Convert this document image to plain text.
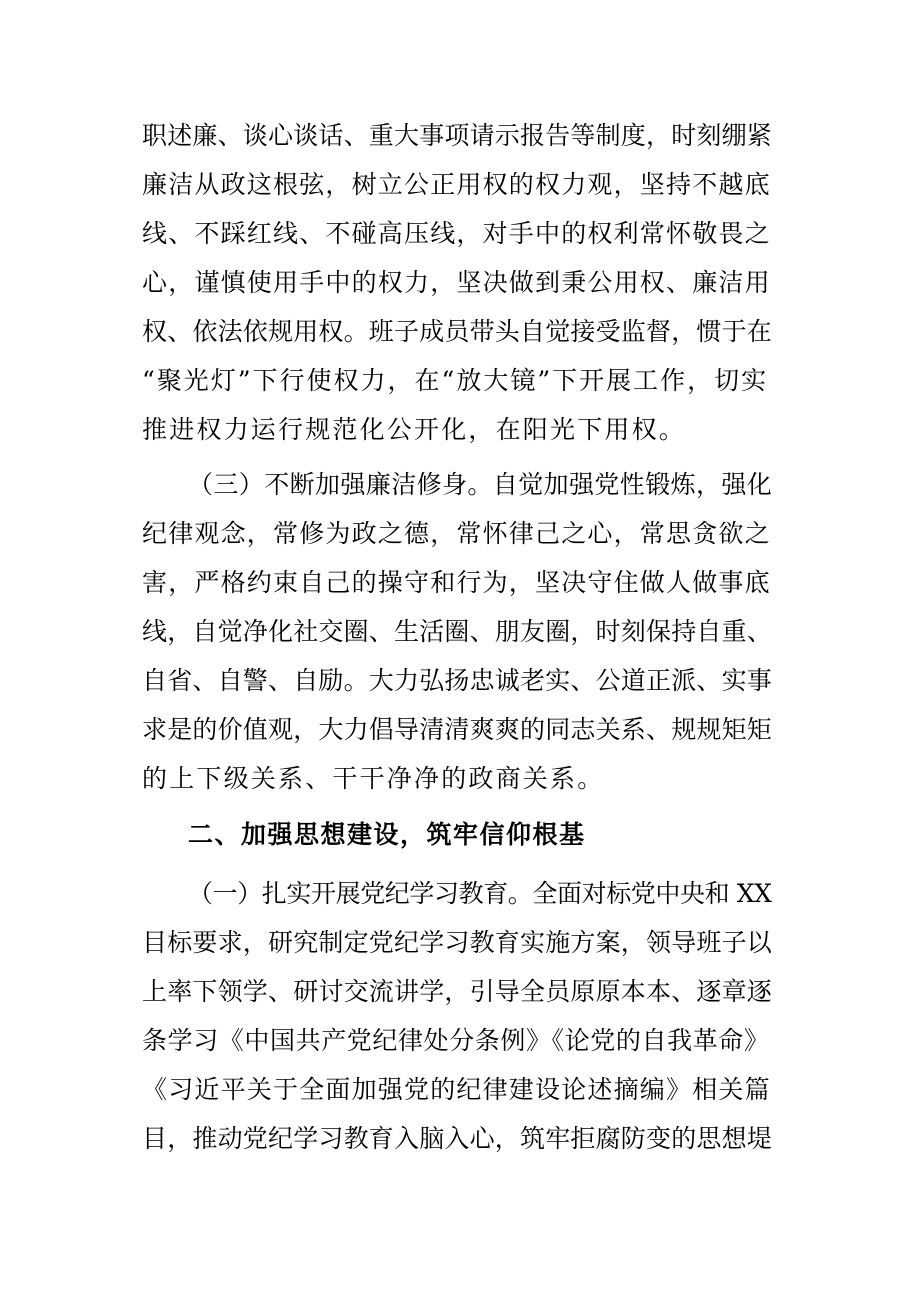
职述廉、谈心谈话、重大事项请示报告等制度，时刻绷紧
廉洁从政这根弦，树立公正用权的权力观，坚持不越底
线、不踩红线、不碰高压线，对手中的权利常怀敬畏之
心，谨慎使用手中的权力，坚决做到秉公用权、廉洁用
权、依法依规用权。班子成员带头自觉接受监督，惯于在
“聚光灯”下行使权力，在“放大镜”下开展工作，切实
推进权力运行规范化公开化，在阳光下用权。
（三）不断加强廉洁修身。自觉加强党性锻炼，强化
纪律观念，常修为政之德，常怀律己之心，常思贪欲之
害，严格约束自己的操守和行为，坚决守住做人做事底
线，自觉净化社交圈、生活圈、朋友圈，时刻保持自重、
自省、自警、自励。大力弘扬忠诚老实、公道正派、实事
求是的价值观，大力倡导清清爽爽的同志关系、规规矩矩
的上下级关系、干干净净的政商关系。
二、加强思想建设，筑牢信仰根基
（一）扎实开展党纪学习教育。全面对标党中央和 XX
目标要求，研究制定党纪学习教育实施方案，领导班子以
上率下领学、研讨交流讲学，引导全员原原本本、逐章逐
条学习《中国共产党纪律处分条例》《论党的自我革命》
《习近平关于全面加强党的纪律建设论述摘编》相关篇
目，推动党纪学习教育入脑入心，筑牢拒腐防变的思想堤
